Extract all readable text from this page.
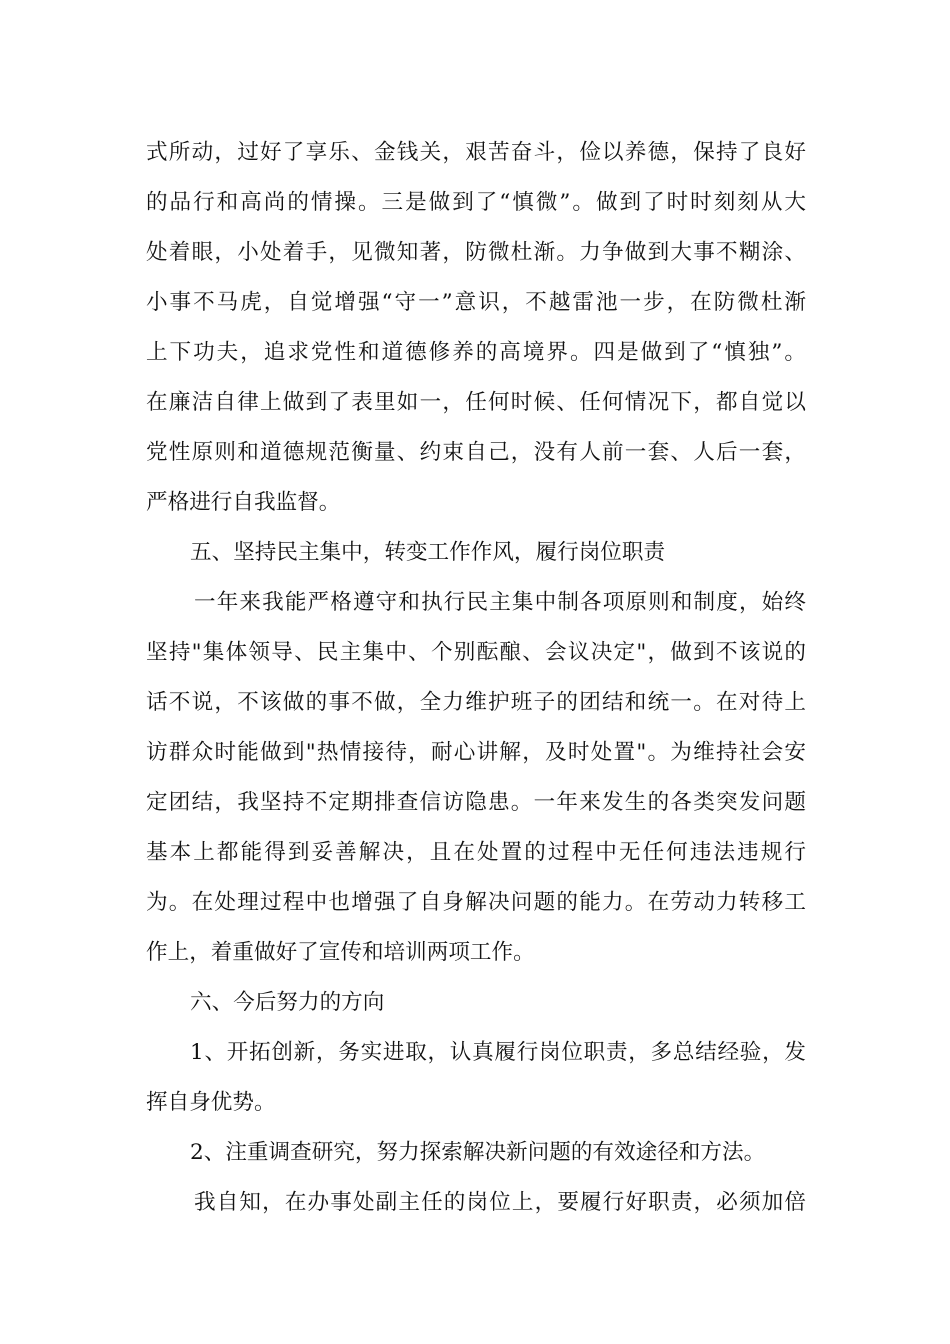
式所动，过好了享乐、金钱关，艰苦奋斗，俭以养德，保持了良好
的品行和高尚的情操。三是做到了“慎微”。做到了时时刻刻从大
处着眼，小处着手，见微知著，防微杜渐。力争做到大事不糊涂、
小事不马虎，自觉增强“守一”意识，不越雷池一步，在防微杜渐
上下功夫，追求党性和道德修养的高境界。四是做到了“慎独”。
在廉洁自律上做到了表里如一，任何时候、任何情况下，都自觉以
党性原则和道德规范衡量、约束自己，没有人前一套、人后一套，
严格进行自我监督。
五、坚持民主集中，转变工作作风，履行岗位职责
一年来我能严格遵守和执行民主集中制各项原则和制度，始终
坚持"集体领导、民主集中、个别酝酿、会议决定"，做到不该说的
话不说，不该做的事不做，全力维护班子的团结和统一。在对待上
访群众时能做到"热情接待，耐心讲解，及时处置"。为维持社会安
定团结，我坚持不定期排查信访隐患。一年来发生的各类突发问题
基本上都能得到妥善解决，且在处置的过程中无任何违法违规行
为。在处理过程中也增强了自身解决问题的能力。在劳动力转移工
作上，着重做好了宣传和培训两项工作。
六、今后努力的方向
1、开拓创新，务实进取，认真履行岗位职责，多总结经验，发
挥自身优势。
2、注重调查研究，努力探索解决新问题的有效途径和方法。
我自知，在办事处副主任的岗位上，要履行好职责，必须加倍
